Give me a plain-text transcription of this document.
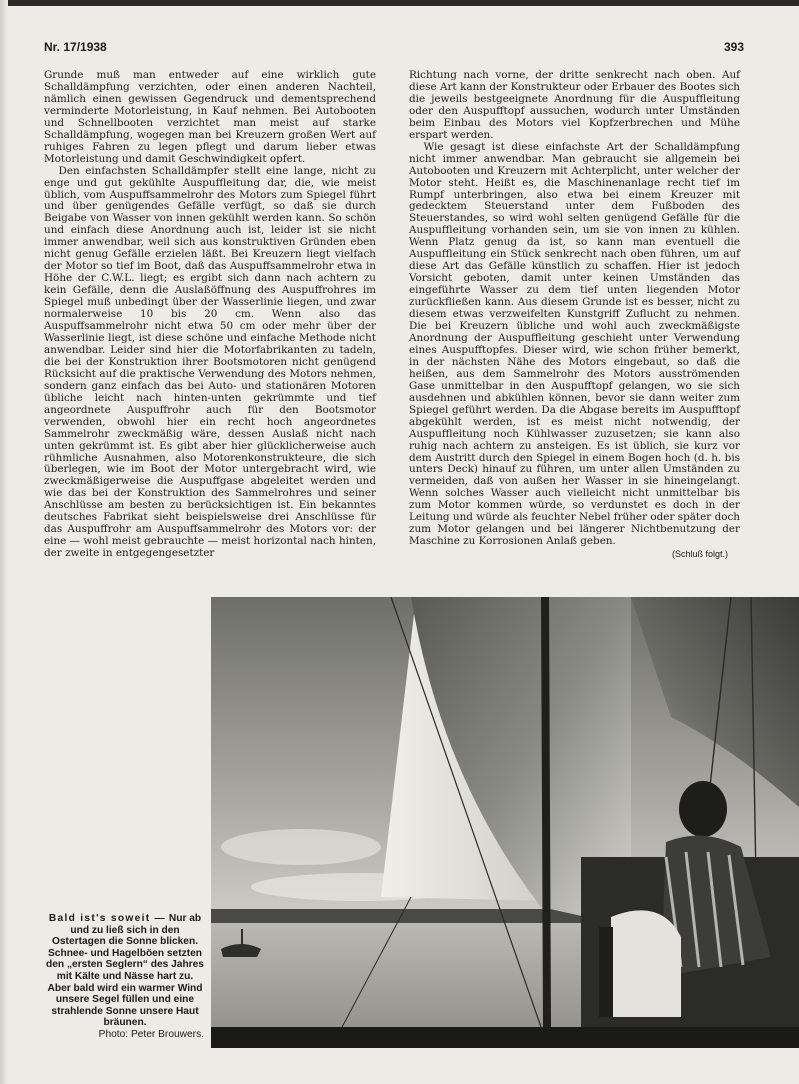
Nr. 17/1938	393

Grunde muß man entweder auf eine wirklich gute Schalldämpfung verzichten, oder einen anderen Nachteil, nämlich einen gewissen Gegendruck und dementsprechend verminderte Motorleistung, in Kauf nehmen. Bei Autobooten und Schnellbooten verzichtet man meist auf starke Schalldämpfung, wogegen man bei Kreuzern großen Wert auf ruhiges Fahren zu legen pflegt und darum lieber etwas Motorleistung und damit Geschwindigkeit opfert.

Den einfachsten Schalldämpfer stellt eine lange, nicht zu enge und gut gekühlte Auspuffleitung dar, die, wie meist üblich, vom Auspuffsammelrohr des Motors zum Spiegel führt und über genügendes Gefälle verfügt, so daß sie durch Beigabe von Wasser von innen gekühlt werden kann. So schön und einfach diese Anordnung auch ist, leider ist sie nicht immer anwendbar, weil sich aus konstruktiven Gründen eben nicht genug Gefälle erzielen läßt. Bei Kreuzern liegt vielfach der Motor so tief im Boot, daß das Auspuffsammelrohr etwa in Höhe der C.W.L. liegt; es ergibt sich dann nach achtern zu kein Gefälle, denn die Auslaßöffnung des Auspuffrohres im Spiegel muß unbedingt über der Wasserlinie liegen, und zwar normalerweise 10 bis 20 cm. Wenn also das Auspuffsammelrohr nicht etwa 50 cm oder mehr über der Wasserlinie liegt, ist diese schöne und einfache Methode nicht anwendbar. Leider sind hier die Motorfabrikanten zu tadeln, die bei der Konstruktion ihrer Bootsmotoren nicht genügend Rücksicht auf die praktische Verwendung des Motors nehmen, sondern ganz einfach das bei Auto- und stationären Motoren übliche leicht nach hinten-unten gekrümmte und tief angeordnete Auspuffrohr auch für den Bootsmotor verwenden, obwohl hier ein recht hoch angeordnetes Sammelrohr zweckmäßig wäre, dessen Auslaß nicht nach unten gekrümmt ist. Es gibt aber hier glücklicherweise auch rühmliche Ausnahmen, also Motorenkonstrukteure, die sich überlegen, wie im Boot der Motor untergebracht wird, wie zweckmäßigerweise die Auspuffgase abgeleitet werden und wie das bei der Konstruktion des Sammelrohres und seiner Anschlüsse am besten zu berücksichtigen ist. Ein bekanntes deutsches Fabrikat sieht beispielsweise drei Anschlüsse für das Auspuffrohr am Auspuffsammelrohr des Motors vor: der eine — wohl meist gebrauchte — meist horizontal nach hinten, der zweite in entgegengesetzter

Richtung nach vorne, der dritte senkrecht nach oben. Auf diese Art kann der Konstrukteur oder Erbauer des Bootes sich die jeweils bestgeeignete Anordnung für die Auspuffleitung oder den Auspufftopf aussuchen, wodurch unter Umständen beim Einbau des Motors viel Kopfzerbrechen und Mühe erspart werden.

Wie gesagt ist diese einfachste Art der Schalldämpfung nicht immer anwendbar. Man gebraucht sie allgemein bei Autobooten und Kreuzern mit Achterplicht, unter welcher der Motor steht. Heißt es, die Maschinenanlage recht tief im Rumpf unterbringen, also etwa bei einem Kreuzer mit gedecktem Steuerstand unter dem Fußboden des Steuerstandes, so wird wohl selten genügend Gefälle für die Auspuffleitung vorhanden sein, um sie von innen zu kühlen. Wenn Platz genug da ist, so kann man eventuell die Auspuffleitung ein Stück senkrecht nach oben führen, um auf diese Art das Gefälle künstlich zu schaffen. Hier ist jedoch Vorsicht geboten, damit unter keinen Umständen das eingeführte Wasser zu dem tief unten liegenden Motor zurückfließen kann. Aus diesem Grunde ist es besser, nicht zu diesem etwas verzweifelten Kunstgriff Zuflucht zu nehmen. Die bei Kreuzern übliche und wohl auch zweckmäßigste Anordnung der Auspuffleitung geschieht unter Verwendung eines Auspufftopfes. Dieser wird, wie schon früher bemerkt, in der nächsten Nähe des Motors eingebaut, so daß die heißen, aus dem Sammelrohr des Motors ausströmenden Gase unmittelbar in den Auspufftopf gelangen, wo sie sich ausdehnen und abkühlen können, bevor sie dann weiter zum Spiegel geführt werden. Da die Abgase bereits im Auspufftopf abgekühlt werden, ist es meist nicht notwendig, der Auspuffleitung noch Kühlwasser zuzusetzen; sie kann also ruhig nach achtern zu ansteigen. Es ist üblich, sie kurz vor dem Austritt durch den Spiegel in einem Bogen hoch (d. h. bis unters Deck) hinauf zu führen, um unter allen Umständen zu vermeiden, daß von außen her Wasser in sie hineingelangt. Wenn solches Wasser auch vielleicht nicht unmittelbar bis zum Motor kommen würde, so verdunstet es doch in der Leitung und würde als feuchter Nebel früher oder später doch zum Motor gelangen und bei längerer Nichtbenutzung der Maschine zu Korrosionen Anlaß geben.

(Schluß folgt.)
Bald ist's soweit — Nur ab und zu ließ sich in den Ostertagen die Sonne blicken. Schnee- und Hagelböen setzten den „ersten Seglern“ des Jahres mit Kälte und Nässe hart zu. Aber bald wird ein warmer Wind unsere Segel füllen und eine strahlende Sonne unsere Haut bräunen.
Photo: Peter Brouwers.
